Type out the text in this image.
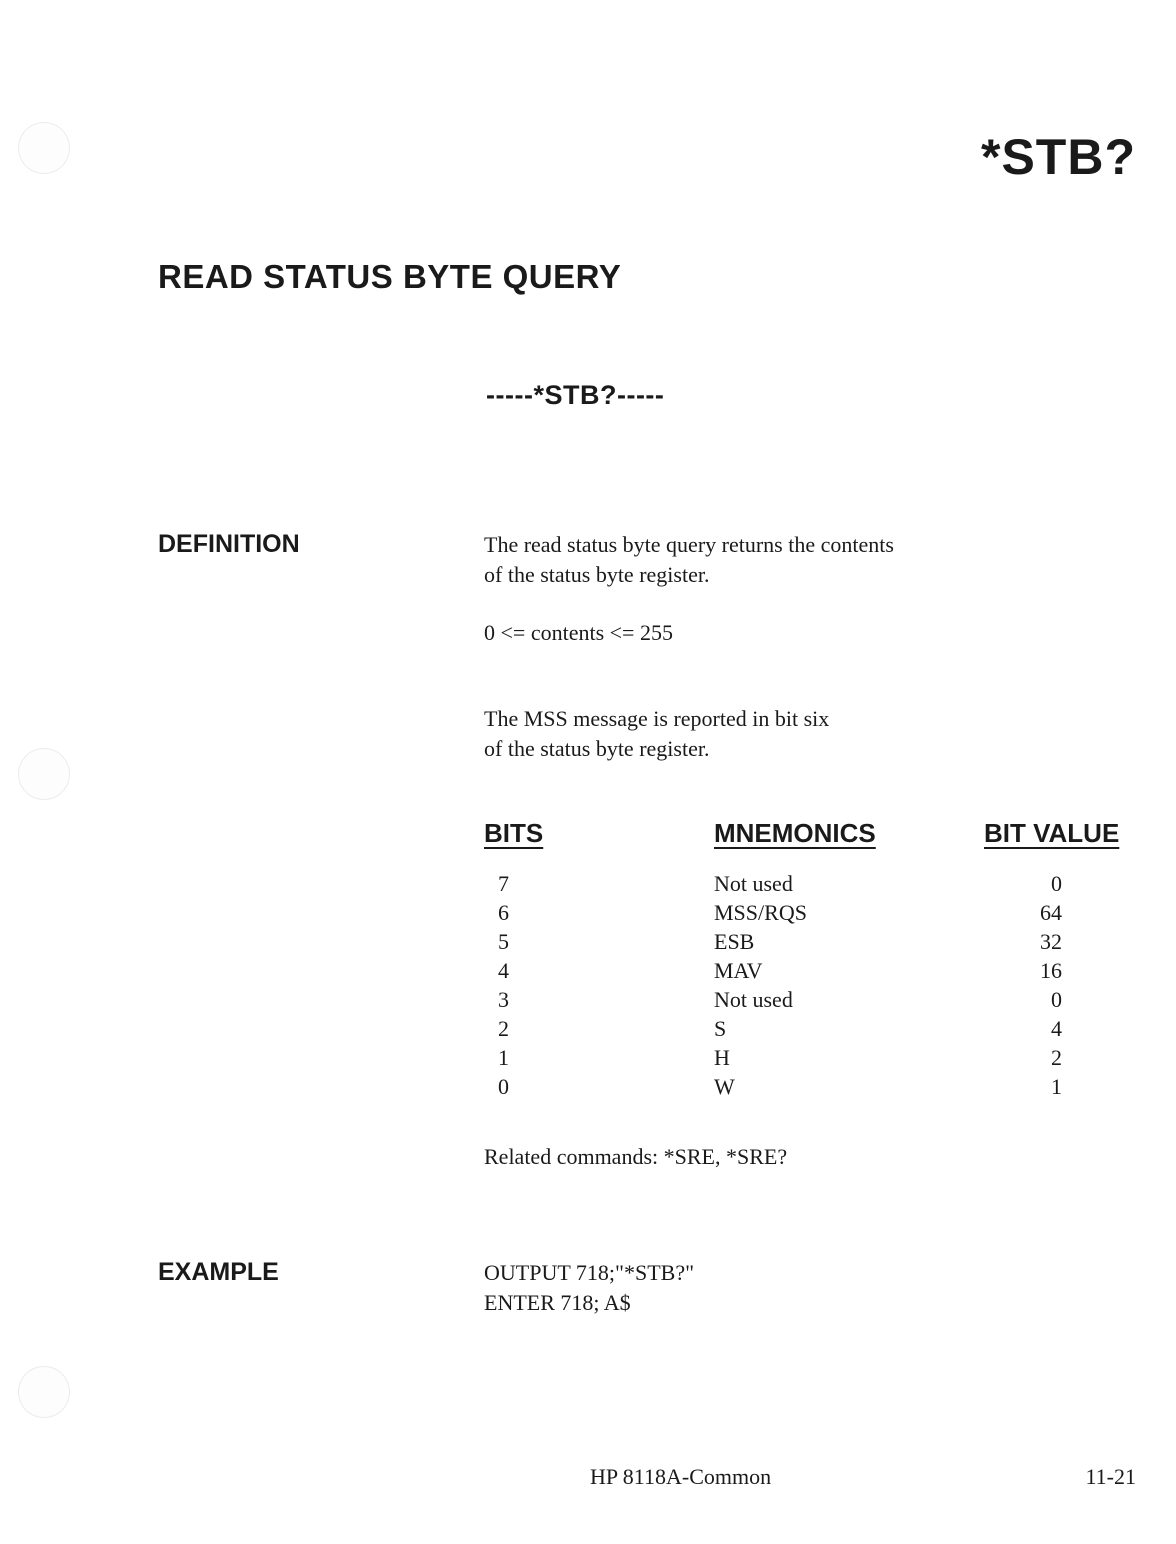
*STB?
READ STATUS BYTE QUERY
-----*STB?-----
DEFINITION	The read status byte query returns the contents
of the status byte register.

0 <= contents <= 255

The MSS message is reported in bit six
of the status byte register.

BITS	MNEMONICS	BIT VALUE
7	Not used	0
6	MSS/RQS	64
5	ESB	32
4	MAV	16
3	Not used	0
2	S	4
1	H	2
0	W	1

Related commands: *SRE, *SRE?

EXAMPLE	OUTPUT 718;"*STB?"
ENTER 718; A$

HP 8118A-Common	11-21
